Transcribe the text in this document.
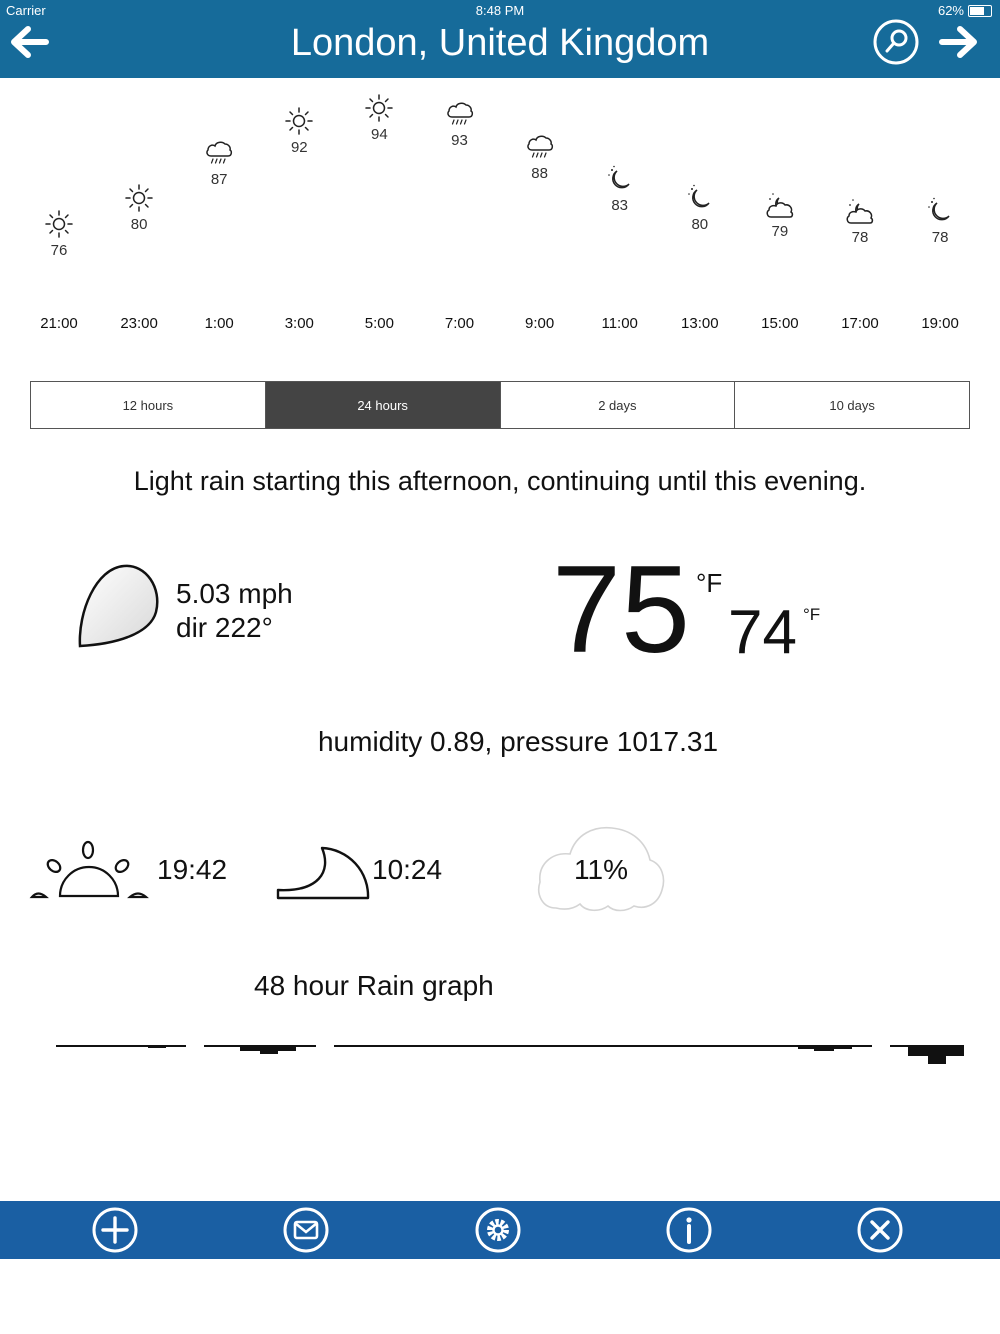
Carrier	8:48 PM	62%
London, United Kingdom
76
21:00
80
23:00
87
1:00
92
3:00
94
5:00
93
7:00
88
9:00
83
11:00
80
13:00
79
15:00
78
17:00
78
19:00
12 hours	24 hours	2 days	10 days
Light rain starting this afternoon, continuing until this evening.
5.03 mph
dir 222° 75 °F
74 °F
humidity 0.89, pressure 1017.31
19:42	10:24	11%
48 hour Rain graph
